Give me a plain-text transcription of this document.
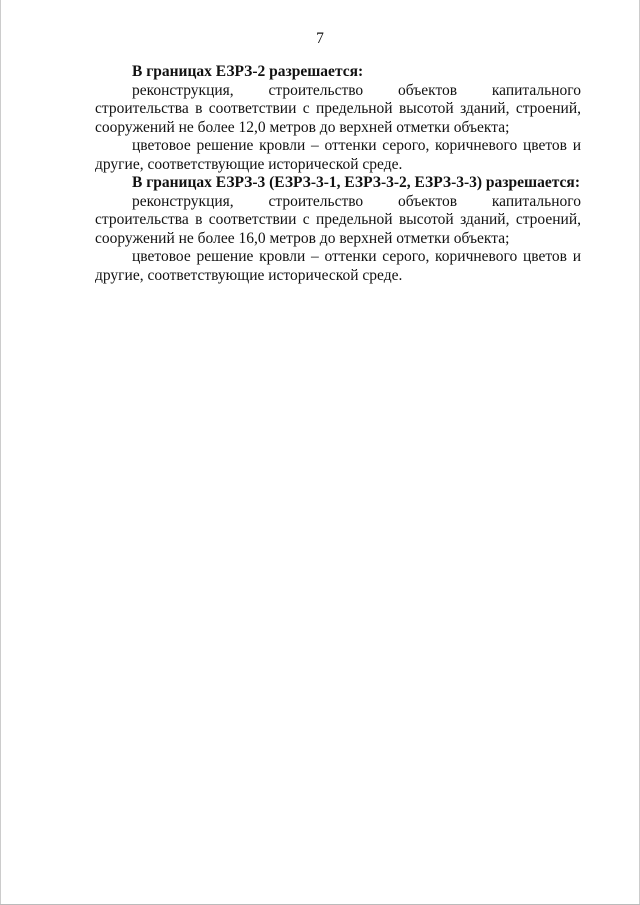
7

В границах ЕЗРЗ-2 разрешается:

реконструкция, строительство объектов капитального строительства в соответствии с предельной высотой зданий, строений, сооружений не более 12,0 метров до верхней отметки объекта;

цветовое решение кровли – оттенки серого, коричневого цветов и другие, соответствующие исторической среде.

В границах ЕЗРЗ-3 (ЕЗРЗ-3-1, ЕЗРЗ-3-2, ЕЗРЗ-3-3) разрешается:

реконструкция, строительство объектов капитального строительства в соответствии с предельной высотой зданий, строений, сооружений не более 16,0 метров до верхней отметки объекта;

цветовое решение кровли – оттенки серого, коричневого цветов и другие, соответствующие исторической среде.
